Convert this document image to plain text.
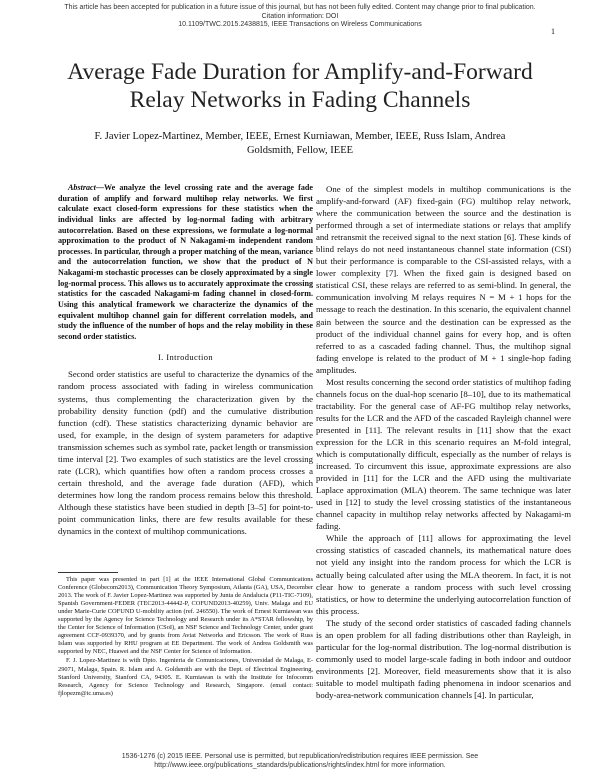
This article has been accepted for publication in a future issue of this journal, but has not been fully edited. Content may change prior to final publication. Citation information: DOI
10.1109/TWC.2015.2438815, IEEE Transactions on Wireless Communications
1
Average Fade Duration for Amplify-and-Forward Relay Networks in Fading Channels
F. Javier Lopez-Martinez, Member, IEEE, Ernest Kurniawan, Member, IEEE, Russ Islam, Andrea Goldsmith, Fellow, IEEE

Abstract—We analyze the level crossing rate and the average fade duration of amplify and forward multihop relay networks. We first calculate exact closed-form expressions for these statistics when the individual links are affected by log-normal fading with arbitrary autocorrelation. Based on these expressions, we formulate a log-normal approximation to the product of N Nakagami-m independent random processes. In particular, through a proper matching of the mean, variance and the autocorrelation function, we show that the product of N Nakagami-m stochastic processes can be closely approximated by a single log-normal process. This allows us to accurately approximate the crossing statistics for the cascaded Nakagami-m fading channel in closed-form. Using this analytical framework we characterize the dynamics of the equivalent multihop channel gain for different correlation models, and study the influence of the number of hops and the relay mobility in these second order statistics.

I. Introduction

Second order statistics are useful to characterize the dynamics of the random process associated with fading in wireless communication systems, thus complementing the characterization given by the probability density function (pdf) and the cumulative distribution function (cdf). These statistics characterizing dynamic behavior are used, for example, in the design of system parameters for adaptive transmission schemes such as symbol rate, packet length or transmission time interval [2]. Two examples of such statistics are the level crossing rate (LCR), which quantifies how often a random process crosses a certain threshold, and the average fade duration (AFD), which determines how long the random process remains below this threshold. Although these statistics have been studied in depth [3–5] for point-to-point communication links, there are few results available for these dynamics in the context of multihop communications.

This paper was presented in part [1] at the IEEE International Global Communications Conference (Globecom2013), Communication Theory Symposium, Atlanta (GA), USA, December 2013. The work of F. Javier Lopez-Martinez was supported by Junta de Andalucia (P11-TIC-7109), Spanish Government-FEDER (TEC2013-44442-P, COFUND2013-40259), Univ. Malaga and EU under Marie-Curie COFUND U-mobility action (ref. 246550). The work of Ernest Kurniawan was supported by the Agency for Science Technology and Research under its A*STAR fellowship, by the Center for Science of Information (CSoI), an NSF Science and Technology Center, under grant agreement CCF-0939370, and by grants from Aviat Networks and Ericsson. The work of Russ Islam was supported by RHU program at EE Department. The work of Andrea Goldsmith was supported by NEC, Huawei and the NSF Center for Science of Information.

F. J. Lopez-Martinez is with Dpto. Ingenieria de Comunicaciones, Universidad de Malaga, E-29071, Malaga, Spain. R. Islam and A. Goldsmith are with the Dept. of Electrical Engineering, Stanford University, Stanford CA, 94305. E. Kurniawan is with the Institute for Infocomm Research, Agency for Science Technology and Research, Singapore. (email contact: fjlopezm@ic.uma.es)

One of the simplest models in multihop communications is the amplify-and-forward (AF) fixed-gain (FG) multihop relay network, where the communication between the source and the destination is performed through a set of intermediate stations or relays that amplify and retransmit the received signal to the next station [6]. These kinds of blind relays do not need instantaneous channel state information (CSI) but their performance is comparable to the CSI-assisted relays, with a lower complexity [7]. When the fixed gain is designed based on statistical CSI, these relays are referred to as semi-blind. In general, the communication involving M relays requires N = M + 1 hops for the message to reach the destination. In this scenario, the equivalent channel gain between the source and the destination can be expressed as the product of the individual channel gains for every hop, and is often referred to as a cascaded fading channel. Thus, the multihop signal fading envelope is related to the product of M + 1 single-hop fading amplitudes.

Most results concerning the second order statistics of multihop fading channels focus on the dual-hop scenario [8–10], due to its mathematical tractability. For the general case of AF-FG multihop relay networks, results for the LCR and the AFD of the cascaded Rayleigh channel were presented in [11]. The relevant results in [11] show that the exact expression for the LCR in this scenario requires an M-fold integral, which is computationally difficult, especially as the number of relays is increased. To circumvent this issue, approximate expressions are also provided in [11] for the LCR and the AFD using the multivariate Laplace approximation (MLA) theorem. The same technique was later used in [12] to study the level crossing statistics of the instantaneous channel capacity in multihop relay networks affected by Nakagami-m fading.

While the approach of [11] allows for approximating the level crossing statistics of cascaded channels, its mathematical nature does not yield any insight into the random process for which the LCR is actually being calculated after using the MLA theorem. In fact, it is not clear how to generate a random process with such level crossing statistics, or how to determine the underlying autocorrelation function of this process.

The study of the second order statistics of cascaded fading channels is an open problem for all fading distributions other than Rayleigh, in particular for the log-normal distribution. The log-normal distribution is commonly used to model large-scale fading in both indoor and outdoor environments [2]. Moreover, field measurements show that it is also suitable to model multipath fading phenomena in indoor scenarios and body-area-network communication channels [4]. In particular,

1536-1276 (c) 2015 IEEE. Personal use is permitted, but republication/redistribution requires IEEE permission. See
http://www.ieee.org/publications_standards/publications/rights/index.html for more information.
